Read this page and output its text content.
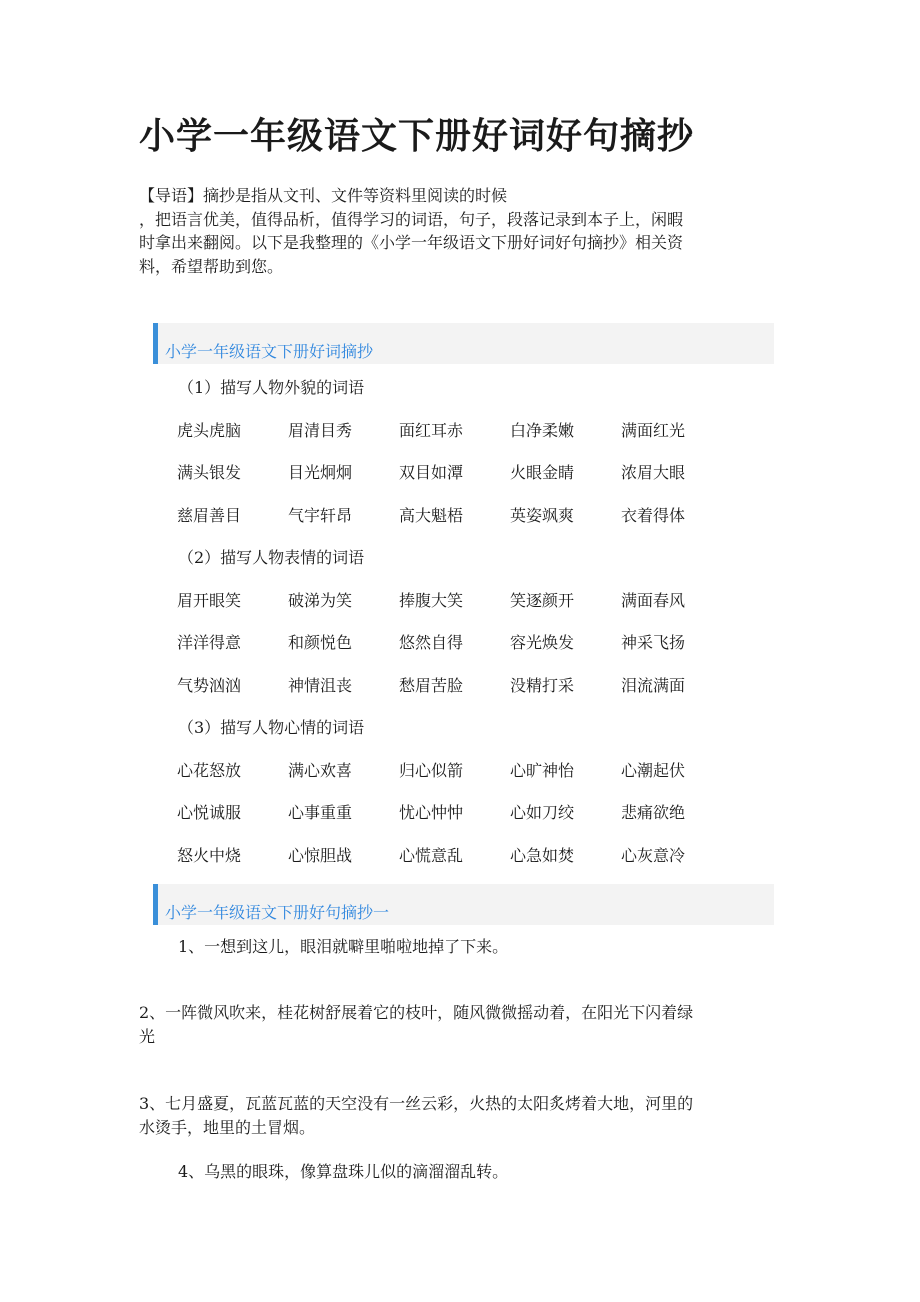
小学一年级语文下册好词好句摘抄
【导语】摘抄是指从文刊、文件等资料里阅读的时候
，把语言优美，值得品析，值得学习的词语，句子，段落记录到本子上，闲暇
时拿出来翻阅。以下是我整理的《小学一年级语文下册好词好句摘抄》相关资
料，希望帮助到您。
小学一年级语文下册好词摘抄
（1）描写人物外貌的词语
虎头虎脑	眉清目秀	面红耳赤	白净柔嫩	满面红光
满头银发	目光炯炯	双目如潭	火眼金睛	浓眉大眼
慈眉善目	气宇轩昂	高大魁梧	英姿飒爽	衣着得体
（2）描写人物表情的词语
眉开眼笑	破涕为笑	捧腹大笑	笑逐颜开	满面春风
洋洋得意	和颜悦色	悠然自得	容光焕发	神采飞扬
气势汹汹	神情沮丧	愁眉苦脸	没精打采	泪流满面
（3）描写人物心情的词语
心花怒放	满心欢喜	归心似箭	心旷神怡	心潮起伏
心悦诚服	心事重重	忧心忡忡	心如刀绞	悲痛欲绝
怒火中烧	心惊胆战	心慌意乱	心急如焚	心灰意冷
小学一年级语文下册好句摘抄一
1、一想到这儿，眼泪就噼里啪啦地掉了下来。
2、一阵微风吹来，桂花树舒展着它的枝叶，随风微微摇动着，在阳光下闪着绿
光
3、七月盛夏，瓦蓝瓦蓝的天空没有一丝云彩，火热的太阳炙烤着大地，河里的
水烫手，地里的土冒烟。
4、乌黑的眼珠，像算盘珠儿似的滴溜溜乱转。
